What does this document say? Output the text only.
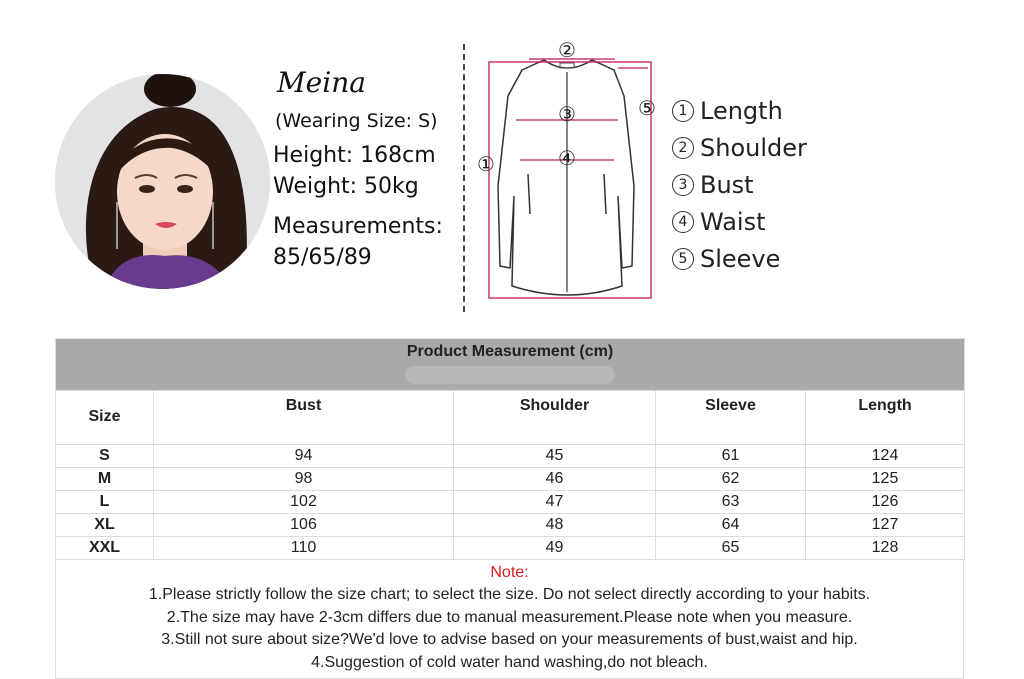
Meina
(Wearing Size: S)
Height: 168cm
Weight: 50kg
Measurements:
85/65/89
①
②
③
④
⑤	1 Length
2 Shoulder
3 Bust
4 Waist
5 Sleeve
Product Measurement (cm)				

Size	Bust	Shoulder	Sleeve	Length
S	94	45	61	124
M	98	46	62	125
L	102	47	63	126
XL	106	48	64	127
XXL	110	49	65	128
Note:
1.Please strictly follow the size chart; to select the size. Do not select directly according to your habits.
2.The size may have 2-3cm differs due to manual measurement.Please note when you measure.
3.Still not sure about size?We'd love to advise based on your measurements of bust,waist and hip.
4.Suggestion of cold water hand washing,do not bleach.
